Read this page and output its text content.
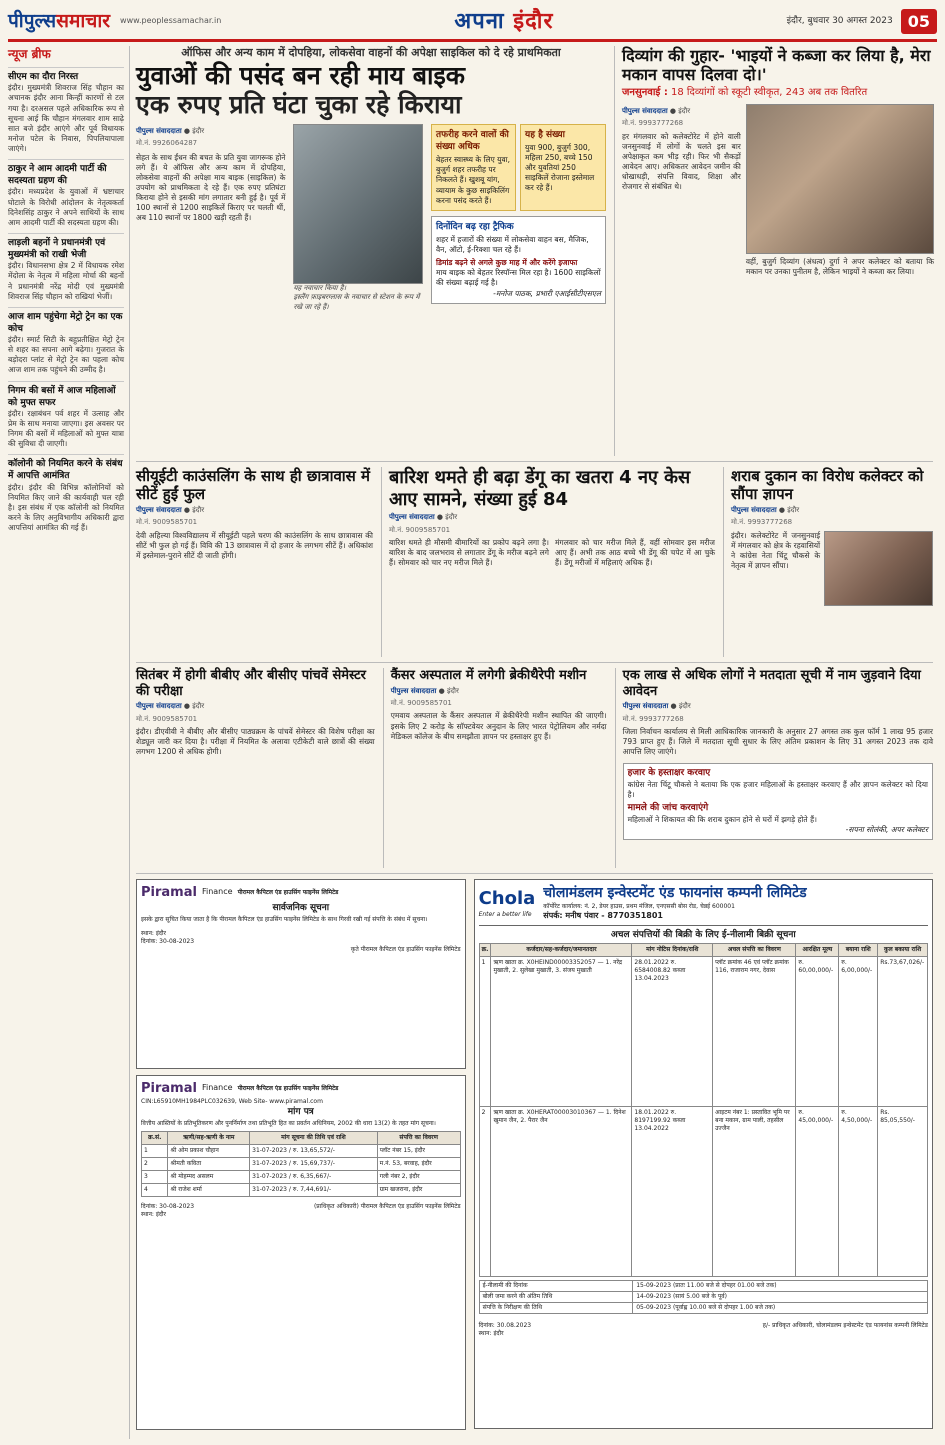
पीपुल्ससमाचार www.peoplessamachar.in	अपना इंदौर	इंदौर, बुधवार 30 अगस्त 2023 05
न्यूज ब्रीफ
सीएम का दौरा निरस्त
इंदौर। मुख्यमंत्री शिवराज सिंह चौहान का अचानक इंदौर आना किन्हीं कारणों से टल गया है। दरअसल पहले अधिकारिक रूप से सूचना आई कि चौहान मंगलवार शाम साढ़े सात बजे इंदौर आएंगे और पूर्व विधायक मनोज पटेल के निवास, पिपलियापाला जाएंगे।
ठाकुर ने आम आदमी पार्टी की सदस्यता ग्रहण की
इंदौर। मध्यप्रदेश के युवाओं में भ्रष्टाचार घोटाले के विरोधी आंदोलन के नेतृत्वकर्ता दिनेशसिंह ठाकुर ने अपने साथियों के साथ आम आदमी पार्टी की सदस्यता ग्रहण की।
लाड़ली बहनों ने प्रधानमंत्री एवं मुख्यमंत्री को राखी भेजी
इंदौर। विधानसभा क्षेत्र 2 में विधायक रमेश मेंदोला के नेतृत्व में महिला मोर्चा की बहनों ने प्रधानमंत्री नरेंद्र मोदी एवं मुख्यमंत्री शिवराज सिंह चौहान को राखियां भेजीं।
आज शाम पहुंचेगा मेट्रो ट्रेन का एक कोच
इंदौर। स्मार्ट सिटी के बहुप्रतीक्षित मेट्रो ट्रेन से शहर का सपना आगे बढ़ेगा। गुजरात के बड़ोदरा प्लांट से मेट्रो ट्रेन का पहला कोच आज शाम तक पहुंचने की उम्मीद है।
निगम की बसों में आज महिलाओं को मुफ्त सफर
इंदौर। रक्षाबंधन पर्व शहर में उत्साह और प्रेम के साथ मनाया जाएगा। इस अवसर पर निगम की बसों में महिलाओं को मुफ्त यात्रा की सुविधा दी जाएगी।
कॉलोनी को नियमित करने के संबंध में आपत्ति आमंत्रित
इंदौर। इंदौर की विभिन्न कॉलोनियों को नियमित किए जाने की कार्यवाही चल रही है। इस संबंध में एक कॉलोनी को नियमित करने के लिए अनुविभागीय अधिकारी द्वारा आपत्तियां आमंत्रित की गई हैं।
ऑफिस और अन्य काम में दोपहिया, लोकसेवा वाहनों की अपेक्षा साइकिल को दे रहे प्राथमिकता
युवाओं की पसंद बन रही माय बाइक
एक रुपए प्रति घंटा चुका रहे किराया
पीपुल्स संवाददाता ● इंदौर
मो.नं. 9926064287
सेहत के साथ ईंधन की बचत के प्रति युवा जागरूक होने लगे हैं। ये ऑफिस और अन्य काम में दोपहिया, लोकसेवा वाहनों की अपेक्षा माय बाइक (साइकिल) के उपयोग को प्राथमिकता दे रहे हैं। एक रुपए प्रतिघंटा किराया होने से इसकी मांग लगातार बनी हुई है। पूर्व में 100 स्थानों से 1200 साइकिलें किराए पर चलती थीं, अब 110 स्थानों पर 1800 खड़ी रहती हैं।
यह नवाचार किया है।
इस्लैंग फ़ाइबरग्लास के नवाचार से स्टेशन के रूप में रखे जा रहे हैं।
तफरीह करने वालों की संख्या अधिक
बेहतर स्वास्थ्य के लिए युवा, बुजुर्ग शहर तफरीह पर निकलते हैं। खुशबू यांग, व्यायाम के कुछ साइकिलिंग करना पसंद करते हैं।
यह है संख्या
युवा 900, बुजुर्ग 300, महिला 250, बच्चे 150 और युवतियां 250 साइकिलें रोजाना इस्तेमाल कर रहे हैं।
दिनोंदिन बढ़ रहा ट्रैफिक
शहर में हजारों की संख्या में लोकसेवा वाहन बस, मैजिक, वैन, ऑटो, ई-रिक्शा चल रहे हैं।
डिमांड बढ़ने से अगले कुछ माह में और करेंगे इजाफा
माय बाइक को बेहतर रिस्पॉन्स मिल रहा है। 1600 साइकिलों की संख्या बढ़ाई गई है।
-मनोज पाठक, प्रभारी एआईसीटीएसएल
दिव्यांग की गुहार- 'भाइयों ने कब्जा कर लिया है, मेरा मकान वापस दिलवा दो।'
जनसुनवाई : 18 दिव्यांगों को स्कूटी स्वीकृत, 243 अब तक वितरित
पीपुल्स संवाददाता ● इंदौर
मो.नं. 9993777268
हर मंगलवार को कलेक्टोरेट में होने वाली जनसुनवाई में लोगों के चलते इस बार अपेक्षाकृत कम भीड़ रही। फिर भी सैकड़ों आवेदन आए। अधिकतर आवेदन जमीन की धोखाधड़ी, संपत्ति विवाद, शिक्षा और रोजगार से संबंधित थे।
वहीं, बुजुर्ग दिव्यांग (अंधत्व) दुर्गा ने अपर कलेक्टर को बताया कि मकान पर उनका पुनीतम है, लेकिन भाइयों ने कब्जा कर लिया।
सीयूईटी काउंसलिंग के साथ ही छात्रावास में सीटें हुईं फुल
पीपुल्स संवाददाता ● इंदौर
मो.नं. 9009585701
देवी अहिल्या विश्वविद्यालय में सीयूईटी पहले चरण की काउंसलिंग के साथ छात्रावास की सीटें भी फुल हो गई हैं। विवि की 13 छात्रावास में दो हजार के लगभग सीटें हैं। अधिकांश में इस्तेमाल-पुराने सीटें दी जाती होंगी।
बारिश थमते ही बढ़ा डेंगू का खतरा 4 नए केस आए सामने, संख्या हुई 84
पीपुल्स संवाददाता ● इंदौर
मो.नं. 9009585701
बारिश थमते ही मौसमी बीमारियों का प्रकोप बढ़ने लगा है। बारिश के बाद जलभराव से लगातार डेंगू के मरीज बढ़ने लगे हैं। सोमवार को चार नए मरीज मिले हैं।
मंगलवार को चार मरीज मिले हैं, वहीं सोमवार इस मरीज आए हैं। अभी तक आठ बच्चे भी डेंगू की चपेट में आ चुके हैं। डेंगू मरीजों में महिलाएं अधिक हैं।
शराब दुकान का विरोध कलेक्टर को सौंपा ज्ञापन
पीपुल्स संवाददाता ● इंदौर
मो.नं. 9993777268
इंदौर। कलेक्टोरेट में जनसुनवाई में मंगलवार को क्षेत्र के रहवासियों ने कांग्रेस नेता चिंटू चौकसे के नेतृत्व में ज्ञापन सौंपा।
सितंबर में होगी बीबीए और बीसीए पांचवें सेमेस्टर की परीक्षा
पीपुल्स संवाददाता ● इंदौर
मो.नं. 9009585701
इंदौर। डीएवीवी ने बीबीए और बीसीए पाठ्यक्रम के पांचवें सेमेस्टर की विशेष परीक्षा का शेड्यूल जारी कर दिया है। परीक्षा में नियमित के अलावा एटीकेटी वाले छात्रों की संख्या लगभग 1200 से अधिक होगी।
कैंसर अस्पताल में लगेगी ब्रेकीथैरेपी मशीन
पीपुल्स संवाददाता ● इंदौर
मो.नं. 9009585701
एमवाय अस्पताल के कैंसर अस्पताल में ब्रेकीथैरेपी मशीन स्थापित की जाएगी। इसके लिए 2 करोड़ के सॉफ्टवेयर अनुदान के लिए भारत पेट्रोलियम और नर्मदा मेडिकल कॉलेज के बीच समझौता ज्ञापन पर हस्ताक्षर हुए हैं।
एक लाख से अधिक लोगों ने मतदाता सूची में नाम जुड़वाने दिया आवेदन
पीपुल्स संवाददाता ● इंदौर
मो.नं. 9993777268
जिला निर्वाचन कार्यालय से मिली आधिकारिक जानकारी के अनुसार 27 अगस्त तक कुल फॉर्म 1 लाख 95 हजार 793 प्राप्त हुए हैं। जिले में मतदाता सूची सुधार के लिए अंतिम प्रकाशन के लिए 31 अगस्त 2023 तक दावे आपत्ति लिए जाएंगे।
हजार के हस्ताक्षर करवाए
कांग्रेस नेता चिंटू चौकसे ने बताया कि एक हजार महिलाओं के हस्ताक्षर करवाए हैं और ज्ञापन कलेक्टर को दिया है।
मामले की जांच करवाएंगे
महिलाओं ने शिकायत की कि शराब दुकान होने से घरों में झगड़े होते हैं।
-सपना सोलंकी, अपर कलेक्टर
Piramal Finance पीरामल कैपिटल एंड हाउसिंग फाइनेंस लिमिटेड
सार्वजनिक सूचना
इसके द्वारा सूचित किया जाता है कि पीरामल कैपिटल एंड हाउसिंग फाइनेंस लिमिटेड के साथ गिरवी रखी गई संपत्ति के संबंध में सूचना।
स्थान: इंदौर
दिनांक: 30-08-2023
कृते पीरामल कैपिटल एंड हाउसिंग फाइनेंस लिमिटेड
Piramal Finance पीरामल कैपिटल एंड हाउसिंग फाइनेंस लिमिटेड
CIN:L65910MH1984PLC032639, Web Site- www.piramal.com
मांग पत्र
वित्तीय आस्तियों के प्रतिभूतिकरण और पुनर्निर्माण तथा प्रतिभूति हित का प्रवर्तन अधिनियम, 2002 की धारा 13(2) के तहत मांग सूचना।
क्र.सं.	ऋणी/सह-ऋणी के नाम	मांग सूचना की तिथि एवं राशि	संपत्ति का विवरण
1	श्री ओम प्रकाश चौहान	31-07-2023 / रु. 13,65,572/-	प्लॉट नंबर 15, इंदौर
2	श्रीमती कविता	31-07-2023 / रु. 15,69,737/-	म.नं. 53, बरवाह, इंदौर
3	श्री मोहम्मद असलम	31-07-2023 / रु. 6,35,667/-	गली नंबर 2, इंदौर
4	श्री राजेश शर्मा	31-07-2023 / रु. 7,44,691/-	ग्राम खजराना, इंदौर
दिनांक: 30-08-2023
स्थान: इंदौर
(प्राधिकृत अधिकारी) पीरामल कैपिटल एंड हाउसिंग फाइनेंस लिमिटेड
Chola
Enter a better life
चोलामंडलम इन्वेस्टमेंट एंड फायनांस कम्पनी लिमिटेड
कॉर्पोरेट कार्यालय: नं. 2, डेयर हाउस, प्रथम मंजिल, एनएससी बोस रोड, चेन्नई 600001
संपर्क: मनीष पंवार - 8770351801
अचल संपत्तियों की बिक्री के लिए ई-नीलामी बिक्री सूचना
क्र.	कर्जदार/सह-कर्जदार/जमानतदार	मांग नोटिस दिनांक/राशि	अचल संपत्ति का विवरण	आरक्षित मूल्य	बयाना राशि	कुल बकाया राशि
1	ऋण खाता क्र. X0HEIND00003352057 — 1. नरेंद्र मुखाती, 2. सुलेखा मुखाती, 3. संजय मुखाती	28.01.2022 रु. 6584008.82 कब्जा 13.04.2023	प्लॉट क्रमांक 46 एवं प्लॉट क्रमांक 116, राजाराम नगर, देवास	रु. 60,00,000/-	रु. 6,00,000/-	Rs.73,67,026/-
2	ऋण खाता क्र. X0HERAT00003010367 — 1. दिनेश खुमान जैन, 2. पैरार जैन	18.01.2022 रु. 8197199.92 कब्जा 13.04.2022	आइटम नंबर 1: प्रस्तावित भूमि पर बना मकान, ग्राम पाली, तहसील उज्जैन	रु. 45,00,000/-	रु. 4,50,000/-	Rs. 85,05,550/-
ई-नीलामी की दिनांक	15-09-2023 (प्रातः 11.00 बजे से दोपहर 01.00 बजे तक)
बोली जमा करने की अंतिम तिथि	14-09-2023 (सायं 5.00 बजे के पूर्व)
संपत्ति के निरीक्षण की तिथि	05-09-2023 (पूर्वाह्न 10.00 बजे से दोपहर 1.00 बजे तक)
दिनांक: 30.08.2023
स्थान: इंदौर
ह/- प्राधिकृत अधिकारी, चोलामंडलम इन्वेस्टमेंट एंड फायनांस कम्पनी लिमिटेड
